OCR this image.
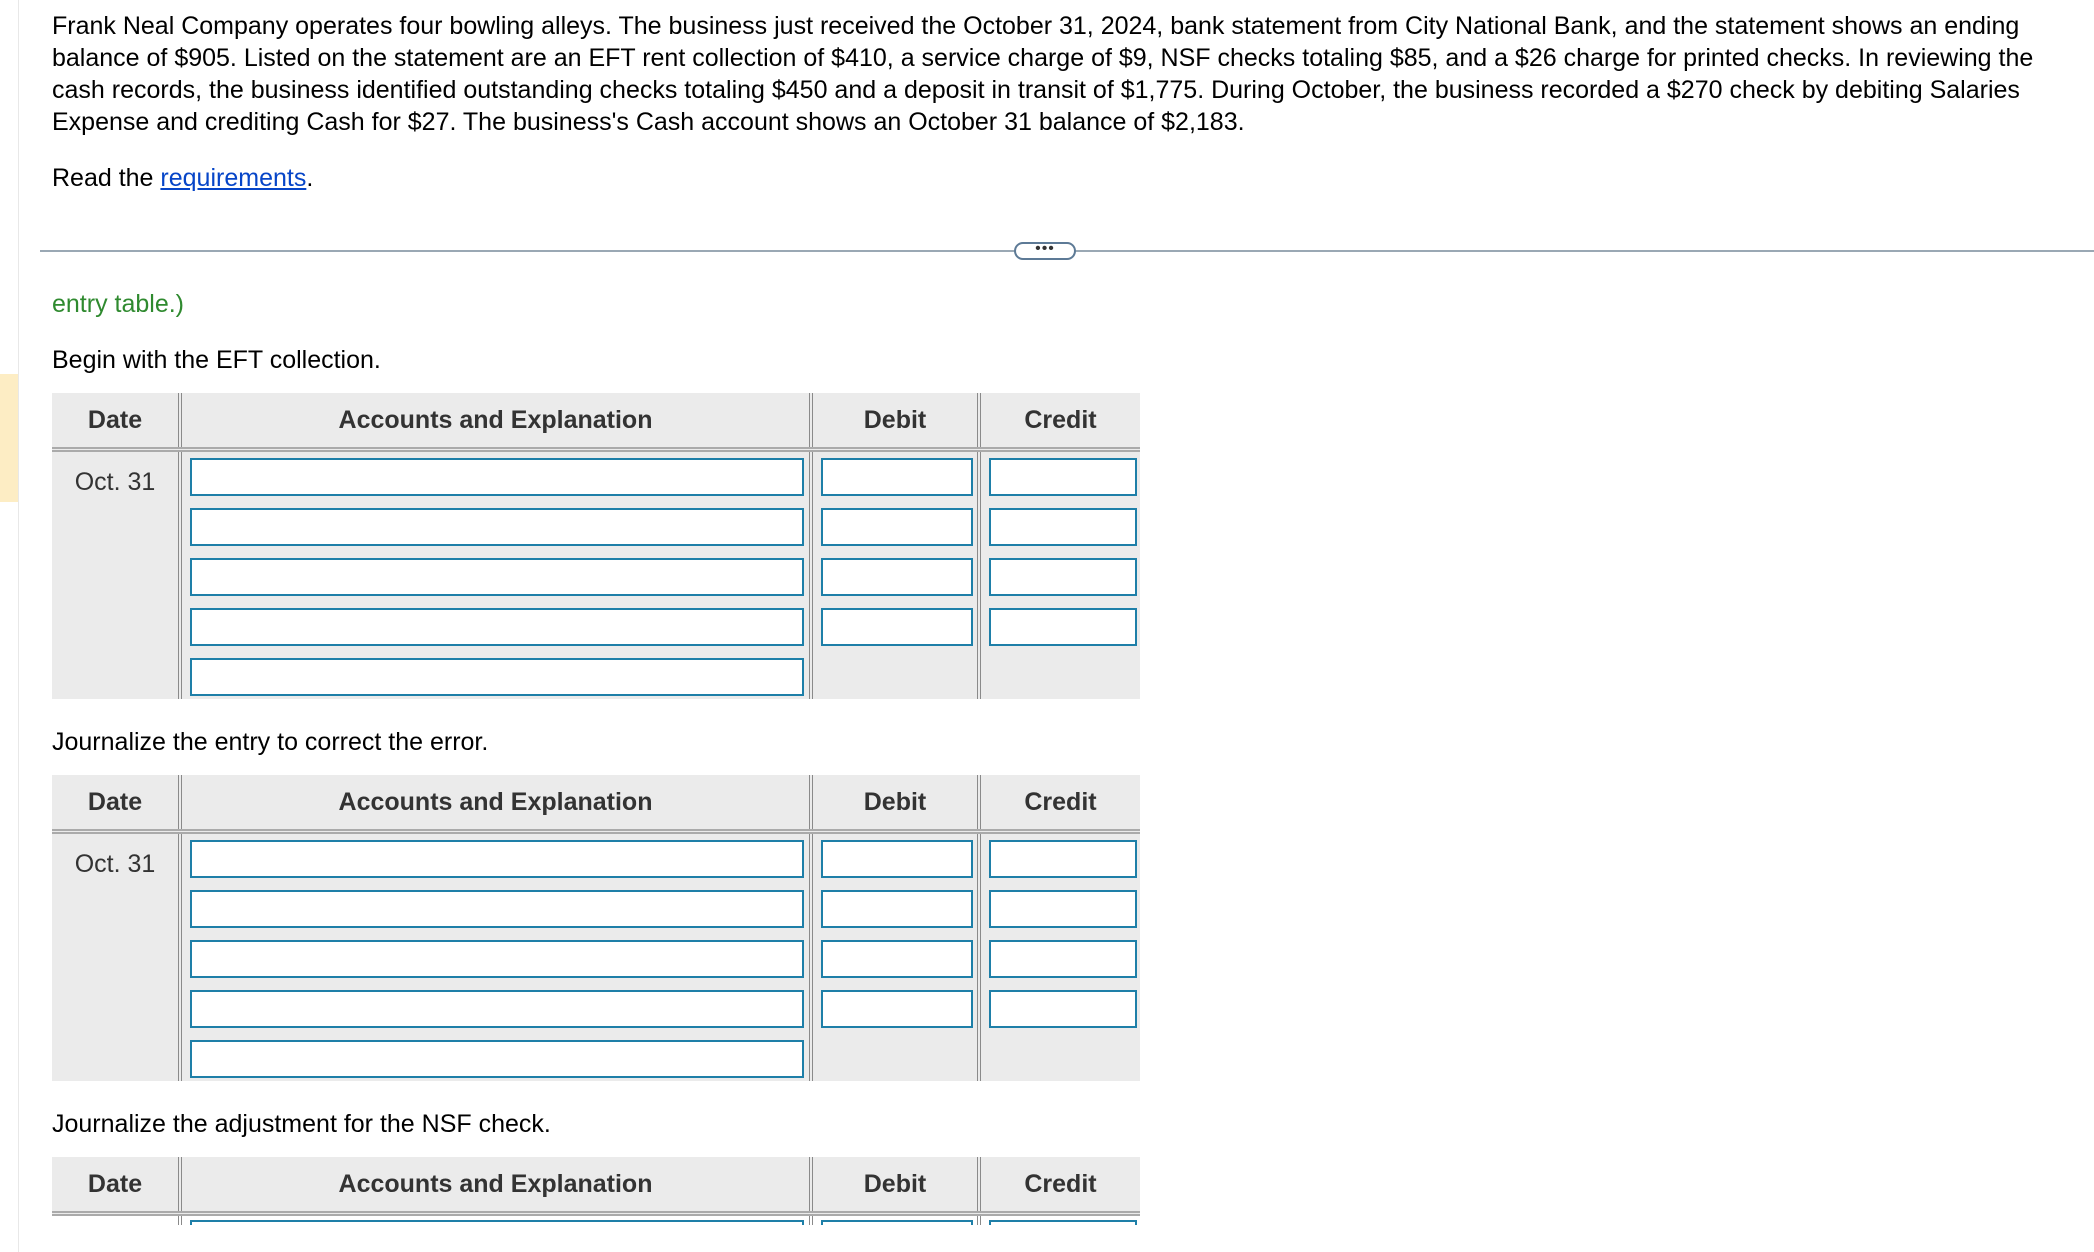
Frank Neal Company operates four bowling alleys. The business just received the October 31, 2024, bank statement from City National Bank, and the statement shows an ending balance of $905. Listed on the statement are an EFT rent collection of $410, a service charge of $9, NSF checks totaling $85, and a $26 charge for printed checks. In reviewing the cash records, the business identified outstanding checks totaling $450 and a deposit in transit of $1,775. During October, the business recorded a $270 check by debiting Salaries Expense and crediting Cash for $27. The business's Cash account shows an October 31 balance of $2,183.
Read the requirements.
•••
entry table.)
Begin with the EFT collection.
Date	Accounts and Explanation	Debit	Credit
Oct. 31
Journalize the entry to correct the error.
Date	Accounts and Explanation	Debit	Credit
Oct. 31
Journalize the adjustment for the NSF check.
Date	Accounts and Explanation	Debit	Credit
